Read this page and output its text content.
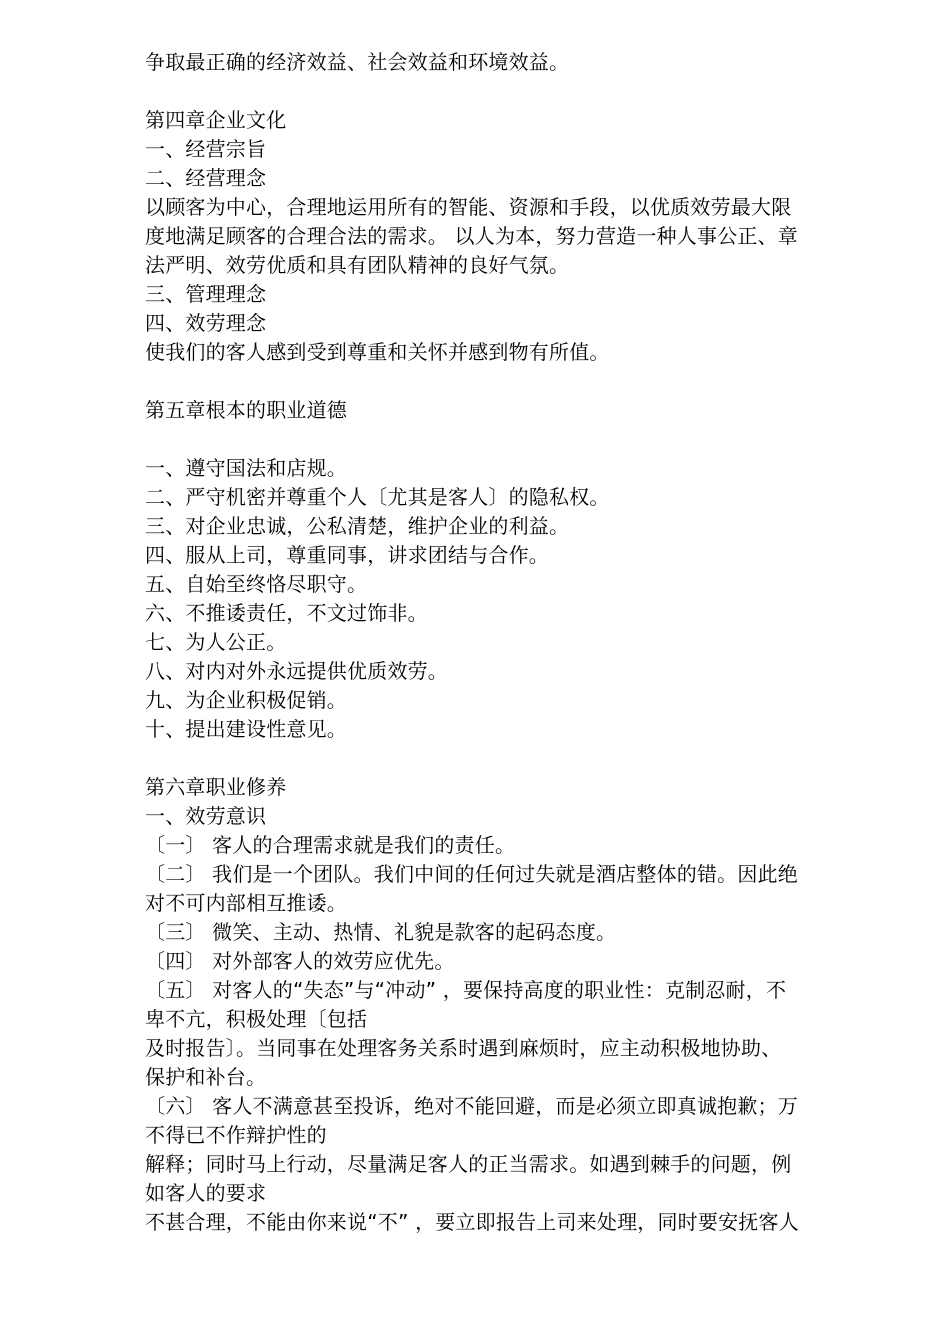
争取最正确的经济效益、社会效益和环境效益。
第四章企业文化
一、经营宗旨
二、经营理念
以顾客为中心，合理地运用所有的智能、资源和手段，以优质效劳最大限
度地满足顾客的合理合法的需求。 以人为本，努力营造一种人事公正、章
法严明、效劳优质和具有团队精神的良好气氛。
三、管理理念
四、效劳理念
使我们的客人感到受到尊重和关怀并感到物有所值。
第五章根本的职业道德
一、遵守国法和店规。
二、严守机密并尊重个人〔尤其是客人〕的隐私权。
三、对企业忠诚，公私清楚，维护企业的利益。
四、服从上司，尊重同事，讲求团结与合作。
五、自始至终恪尽职守。
六、不推诿责任，不文过饰非。
七、为人公正。
八、对内对外永远提供优质效劳。
九、为企业积极促销。
十、提出建设性意见。
第六章职业修养
一、效劳意识
〔一〕 客人的合理需求就是我们的责任。
〔二〕 我们是一个团队。我们中间的任何过失就是酒店整体的错。因此绝
对不可内部相互推诿。
〔三〕 微笑、主动、热情、礼貌是款客的起码态度。
〔四〕 对外部客人的效劳应优先。
〔五〕 对客人的“失态”与“冲动” ，要保持高度的职业性：克制忍耐，不
卑不亢，积极处理〔包括
及时报告〕。当同事在处理客务关系时遇到麻烦时，应主动积极地协助、
保护和补台。
〔六〕 客人不满意甚至投诉，绝对不能回避，而是必须立即真诚抱歉；万
不得已不作辩护性的
解释；同时马上行动，尽量满足客人的正当需求。如遇到棘手的问题，例
如客人的要求
不甚合理，不能由你来说“不” ，要立即报告上司来处理，同时要安抚客人
